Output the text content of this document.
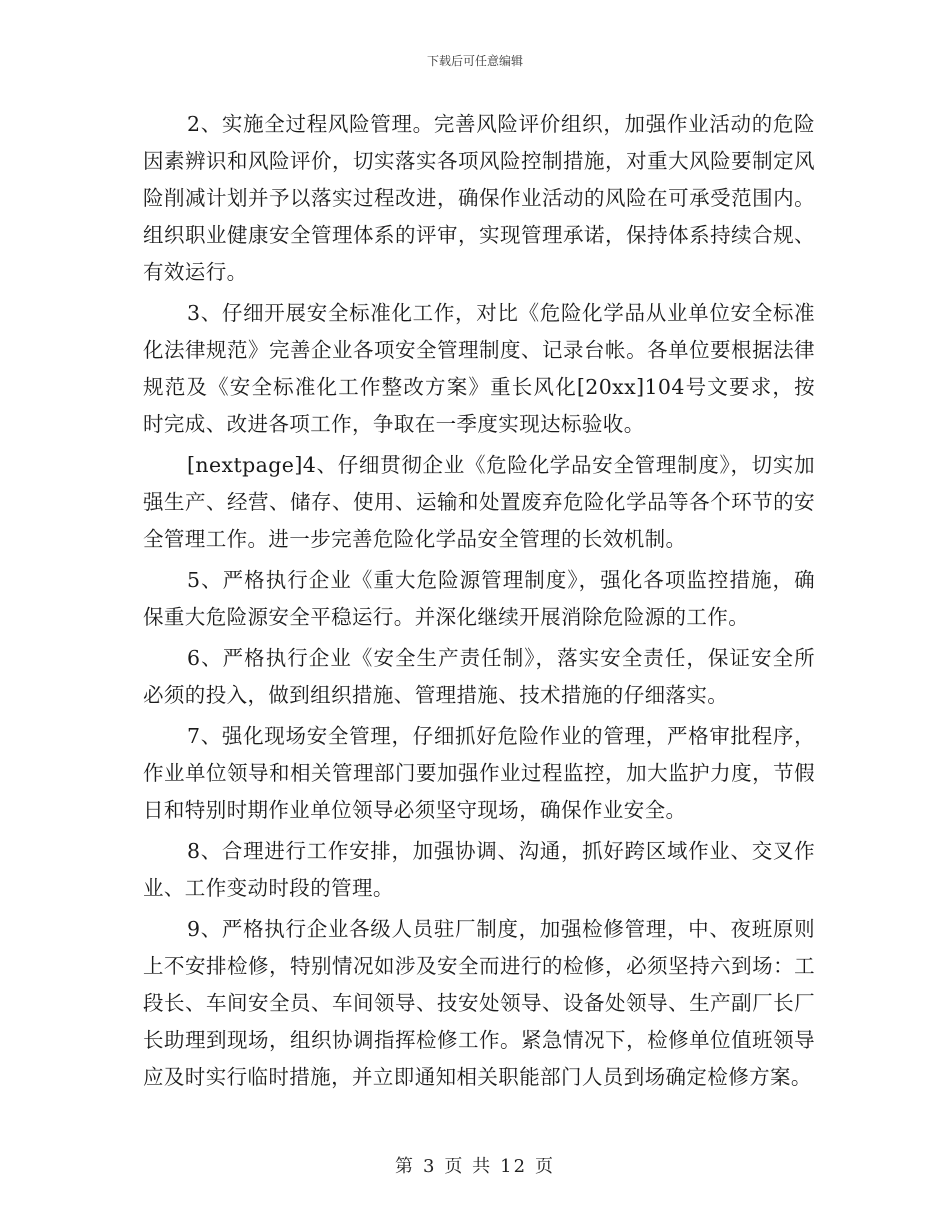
下载后可任意编辑

2、实施全过程风险管理。完善风险评价组织，加强作业活动的危险因素辨识和风险评价，切实落实各项风险控制措施，对重大风险要制定风险削减计划并予以落实过程改进，确保作业活动的风险在可承受范围内。组织职业健康安全管理体系的评审，实现管理承诺，保持体系持续合规、有效运行。

3、仔细开展安全标准化工作，对比《危险化学品从业单位安全标准化法律规范》完善企业各项安全管理制度、记录台帐。各单位要根据法律规范及《安全标准化工作整改方案》重长风化[20xx]104号文要求，按时完成、改进各项工作，争取在一季度实现达标验收。

[nextpage]4、仔细贯彻企业《危险化学品安全管理制度》，切实加强生产、经营、储存、使用、运输和处置废弃危险化学品等各个环节的安全管理工作。进一步完善危险化学品安全管理的长效机制。

5、严格执行企业《重大危险源管理制度》，强化各项监控措施，确保重大危险源安全平稳运行。并深化继续开展消除危险源的工作。

6、严格执行企业《安全生产责任制》，落实安全责任，保证安全所必须的投入，做到组织措施、管理措施、技术措施的仔细落实。

7、强化现场安全管理，仔细抓好危险作业的管理，严格审批程序，作业单位领导和相关管理部门要加强作业过程监控，加大监护力度，节假日和特别时期作业单位领导必须坚守现场，确保作业安全。

8、合理进行工作安排，加强协调、沟通，抓好跨区域作业、交叉作业、工作变动时段的管理。

9、严格执行企业各级人员驻厂制度，加强检修管理，中、夜班原则上不安排检修，特别情况如涉及安全而进行的检修，必须坚持六到场：工段长、车间安全员、车间领导、技安处领导、设备处领导、生产副厂长厂长助理到现场，组织协调指挥检修工作。紧急情况下，检修单位值班领导应及时实行临时措施，并立即通知相关职能部门人员到场确定检修方案。

第 3 页 共 12 页
